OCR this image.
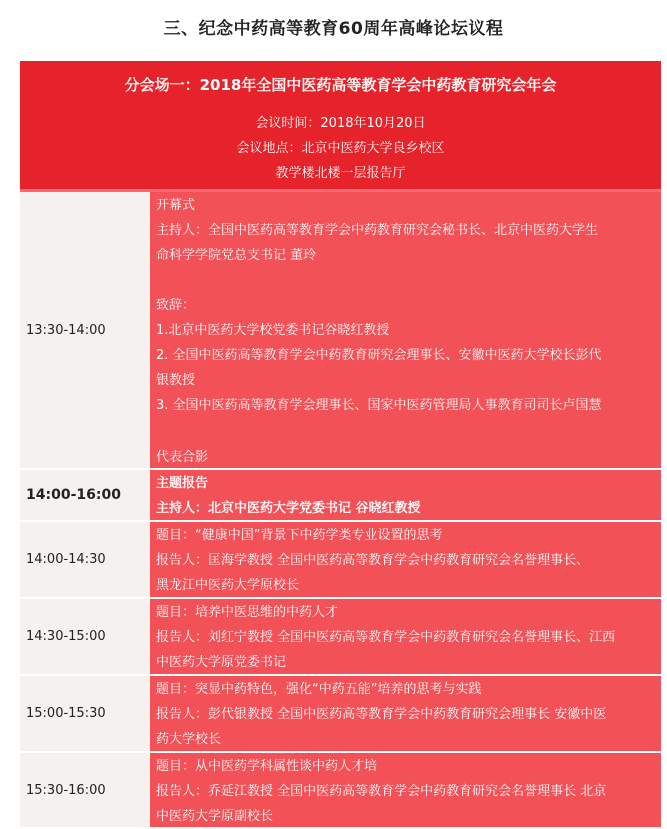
三、纪念中药高等教育60周年高峰论坛议程
分会场一：2018年全国中医药高等教育学会中药教育研究会年会
会议时间：2018年10月20日
会议地点：北京中医药大学良乡校区
教学楼北楼一层报告厅
13:30-14:00
开幕式
主持人：全国中医药高等教育学会中药教育研究会秘书长、北京中医药大学生
命科学学院党总支书记 董玲
致辞：
1.北京中医药大学校党委书记谷晓红教授
2. 全国中医药高等教育学会中药教育研究会理事长、安徽中医药大学校长彭代
银教授
3. 全国中医药高等教育学会理事长、国家中医药管理局人事教育司司长卢国慧
代表合影
14:00-16:00
主题报告
主持人：北京中医药大学党委书记 谷晓红教授
14:00-14:30
题目：“健康中国”背景下中药学类专业设置的思考
报告人：匡海学教授 全国中医药高等教育学会中药教育研究会名誉理事长、
黑龙江中医药大学原校长
14:30-15:00
题目：培养中医思维的中药人才
报告人：刘红宁教授 全国中医药高等教育学会中药教育研究会名誉理事长、江西
中医药大学原党委书记
15:00-15:30
题目：突显中药特色，强化“中药五能”培养的思考与实践
报告人：彭代银教授 全国中医药高等教育学会中药教育研究会理事长 安徽中医
药大学校长
15:30-16:00
题目：从中医药学科属性谈中药人才培
报告人：乔延江教授 全国中医药高等教育学会中药教育研究会名誉理事长 北京
中医药大学原副校长
